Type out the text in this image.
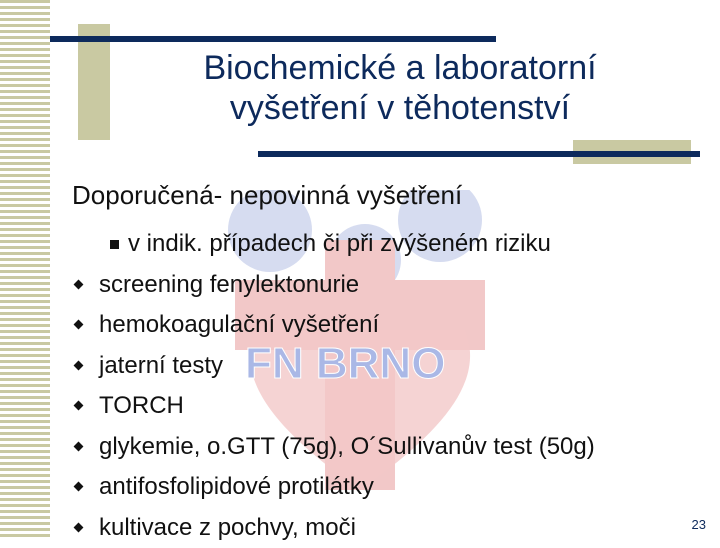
Biochemické a laboratorní
vyšetření v těhotenství
FN BRNO
Doporučená- nepovinná vyšetření
v indik. případech či při zvýšeném riziku
screening fenylektonurie
hemokoagulační vyšetření
jaterní testy
TORCH
glykemie, o.GTT (75g), O´Sullivanův test (50g)
antifosfolipidové protilátky
kultivace z pochvy, moči	23
